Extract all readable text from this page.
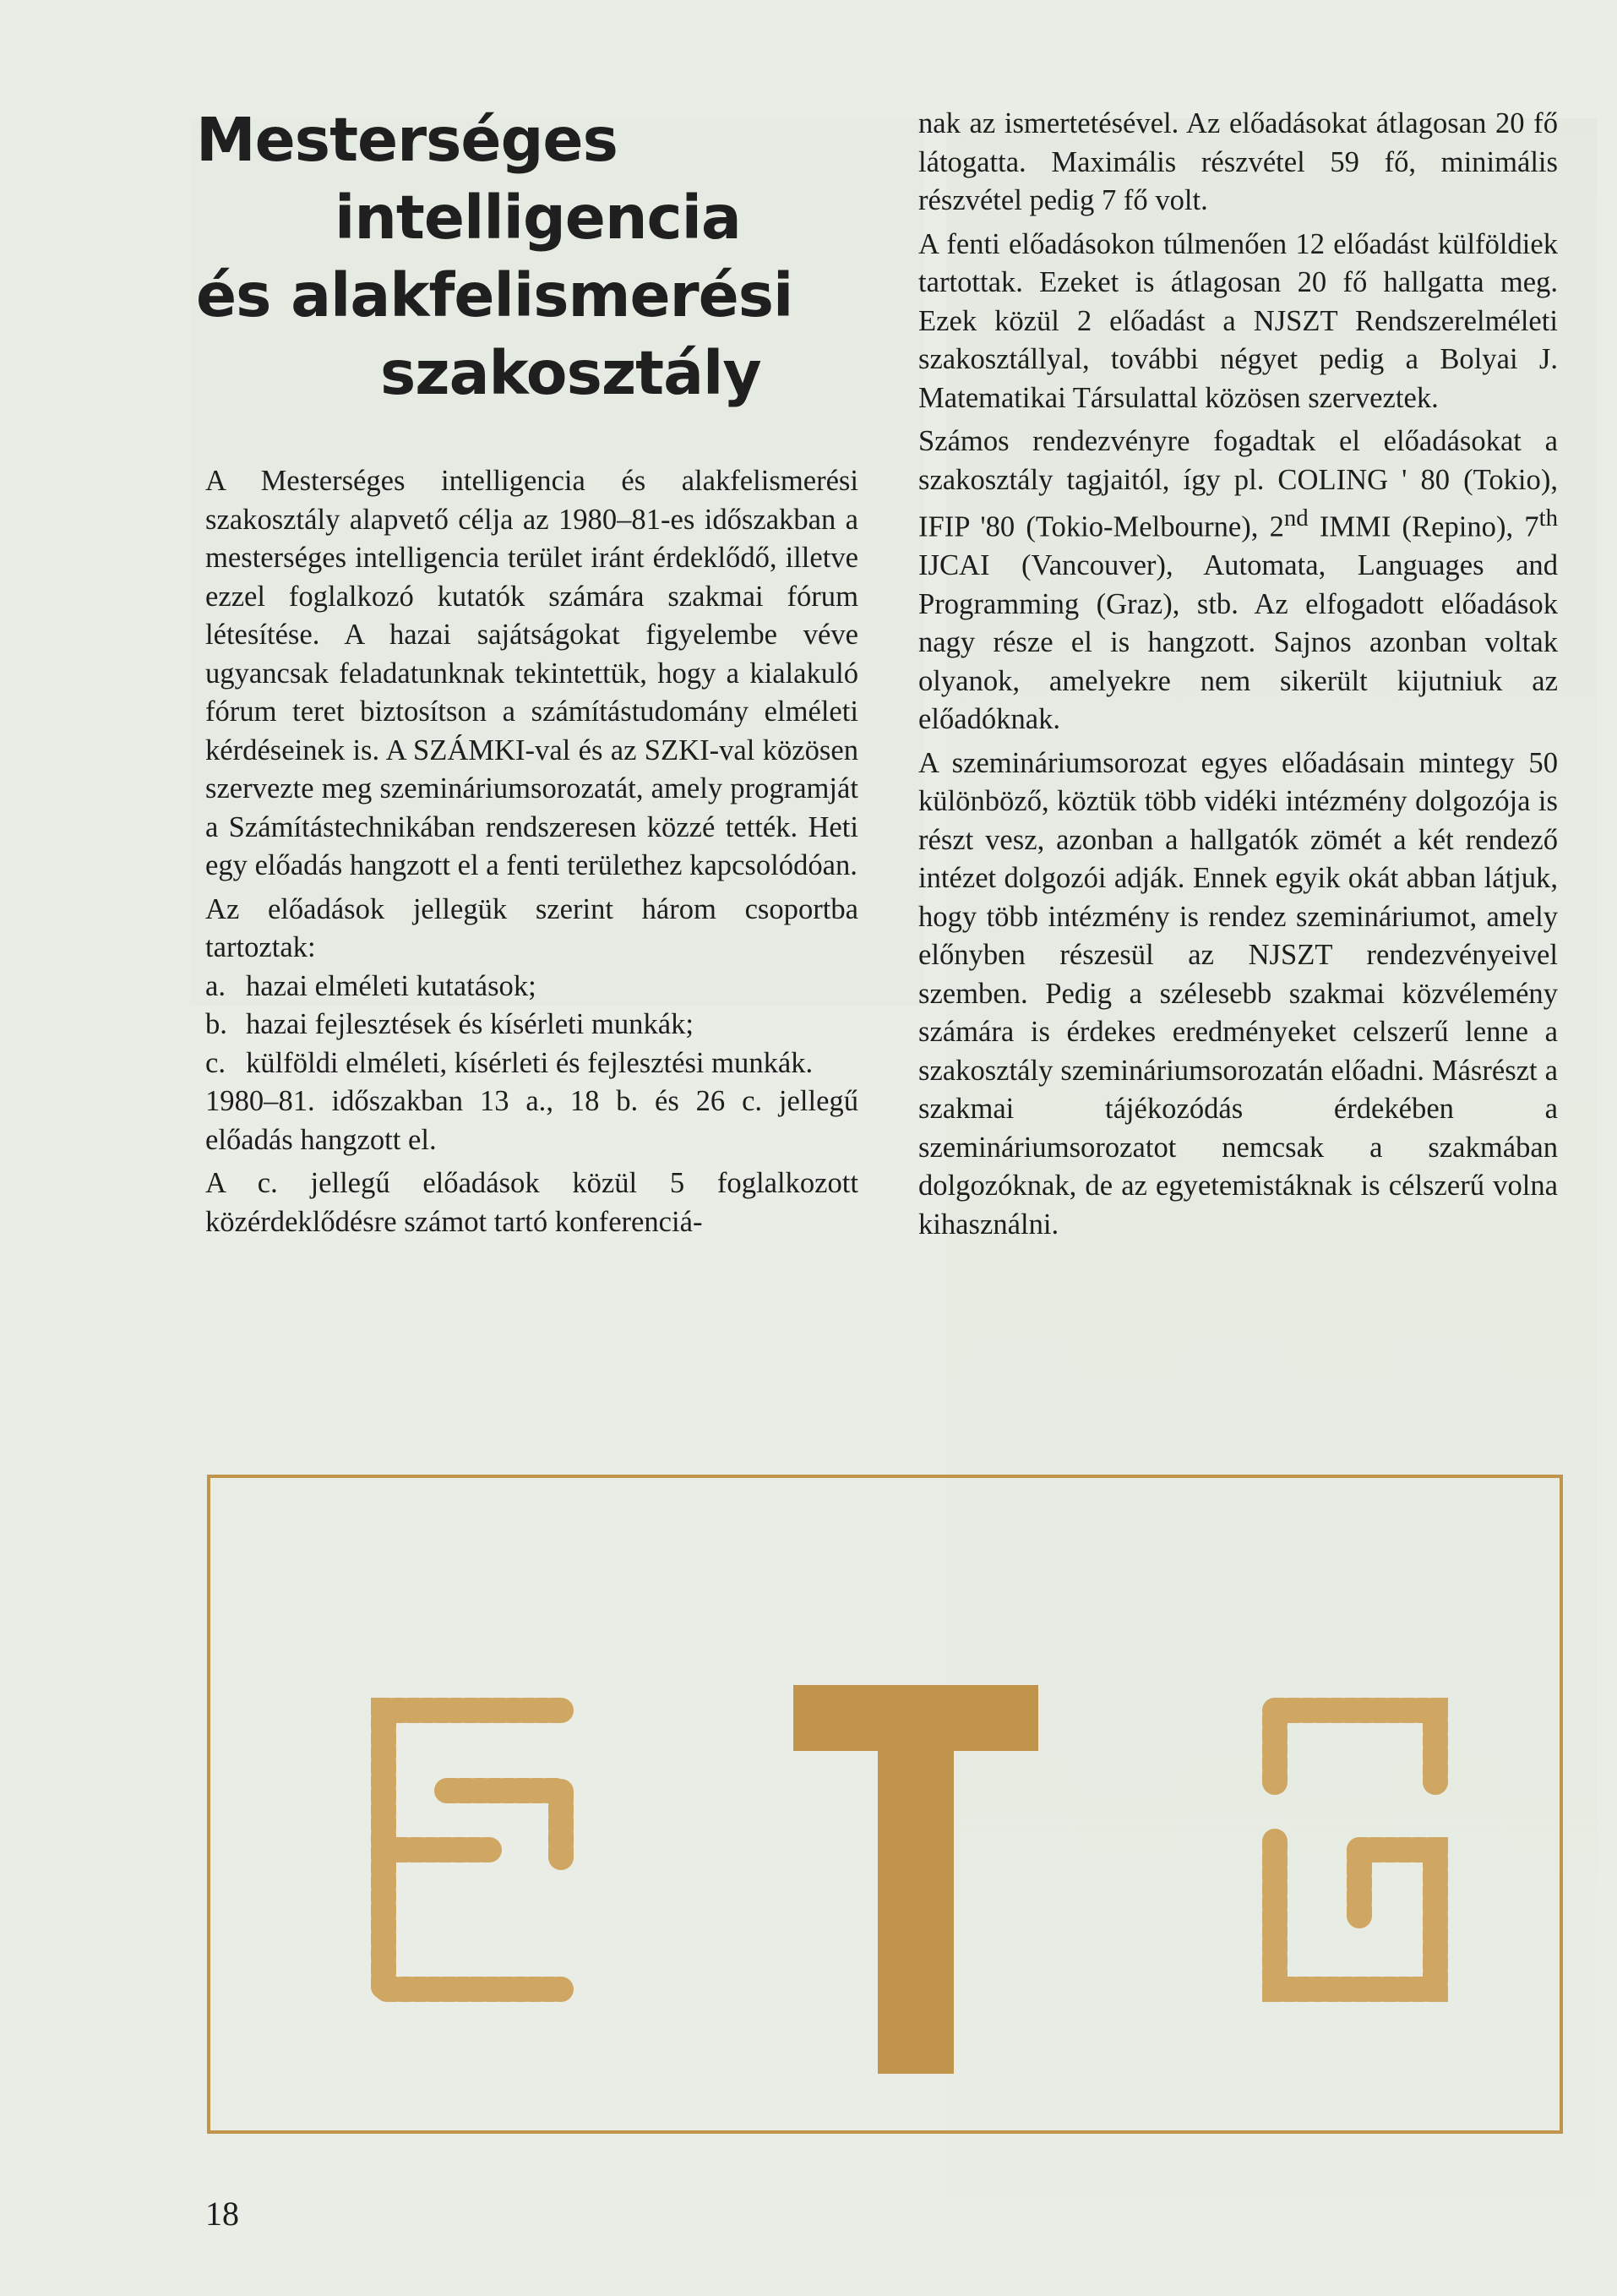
Mesterséges
intelligencia
és alakfelismerési
szakosztály

A Mesterséges intelligencia és alakfelismerési szakosztály alapvető célja az 1980–81-es időszakban a mesterséges intelligencia terület iránt érdeklődő, illetve ezzel foglalkozó kutatók számára szakmai fórum létesítése. A hazai sajátságokat figyelembe véve ugyancsak feladatunknak tekintettük, hogy a kialakuló fórum teret biztosítson a számítástudomány elméleti kérdéseinek is. A SZÁMKI-val és az SZKI-val közösen szervezte meg szemináriumsorozatát, amely programját a Számítástechnikában rendszeresen közzé tették. Heti egy előadás hangzott el a fenti területhez kapcsolódóan.

Az előadások jellegük szerint három csoportba tartoztak:

a. hazai elméleti kutatások;
b. hazai fejlesztések és kísérleti munkák;
c. külföldi elméleti, kísérleti és fejlesztési munkák.

1980–81. időszakban 13 a., 18 b. és 26 c. jellegű előadás hangzott el.

A c. jellegű előadások közül 5 foglalkozott közérdeklődésre számot tartó konferenciá-

nak az ismertetésével. Az előadásokat átlagosan 20 fő látogatta. Maximális részvétel 59 fő, minimális részvétel pedig 7 fő volt.

A fenti előadásokon túlmenően 12 előadást külföldiek tartottak. Ezeket is átlagosan 20 fő hallgatta meg. Ezek közül 2 előadást a NJSZT Rendszerelméleti szakosztállyal, további négyet pedig a Bolyai J. Matematikai Társulattal közösen szerveztek.

Számos rendezvényre fogadtak el előadásokat a szakosztály tagjaitól, így pl. COLING ' 80 (Tokio), IFIP '80 (Tokio-Melbourne), 2nd IMMI (Repino), 7th IJCAI (Vancouver), Automata, Languages and Programming (Graz), stb. Az elfogadott előadások nagy része el is hangzott. Sajnos azonban voltak olyanok, amelyekre nem sikerült kijutniuk az előadóknak.

A szemináriumsorozat egyes előadásain mintegy 50 különböző, köztük több vidéki intézmény dolgozója is részt vesz, azonban a hallgatók zömét a két rendező intézet dolgozói adják. Ennek egyik okát abban látjuk, hogy több intézmény is rendez szemináriumot, amely előnyben részesül az NJSZT rendezvényeivel szemben. Pedig a szélesebb szakmai közvélemény számára is érdekes eredményeket celszerű lenne a szakosztály szemináriumsorozatán előadni. Másrészt a szakmai tájékozódás érdekében a szemináriumsorozatot nemcsak a szakmában dolgozóknak, de az egyetemistáknak is célszerű volna kihasználni.

18
